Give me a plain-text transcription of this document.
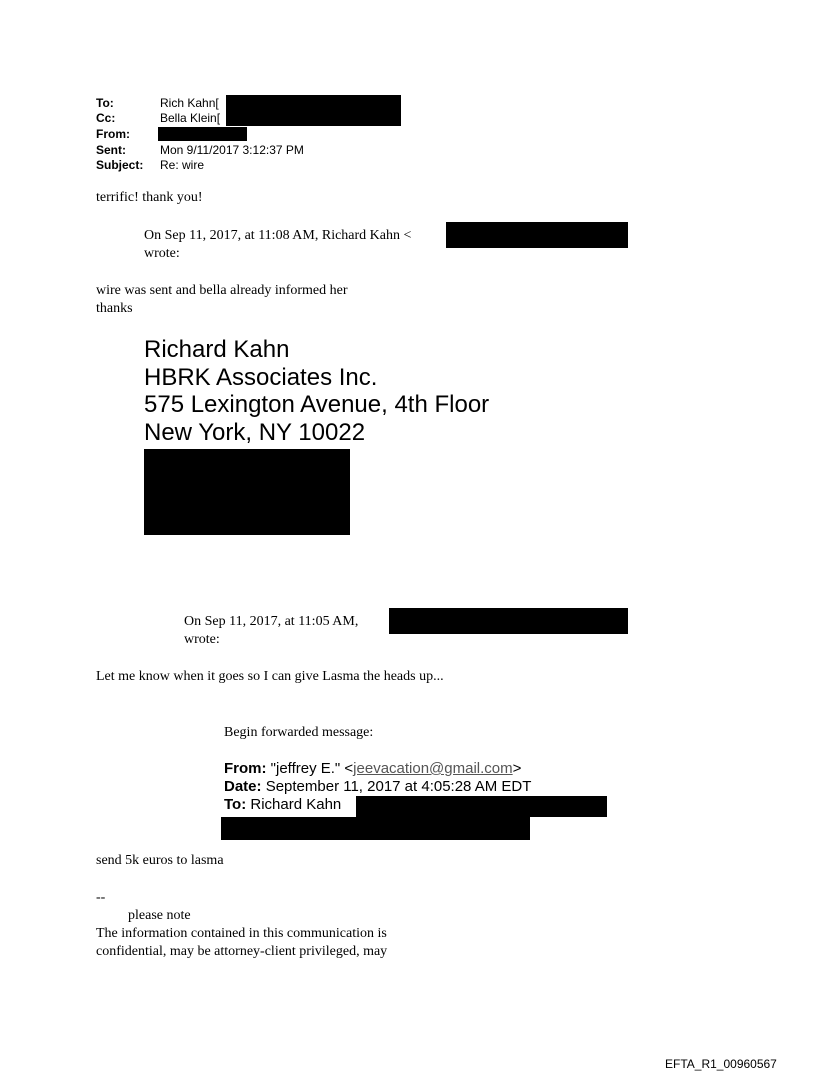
To:	Rich Kahn[
Cc:	Bella Klein[
From:
Sent:	Mon 9/11/2017 3:12:37 PM
Subject: Re: wire
terrific! thank you!
On Sep 11, 2017, at 11:08 AM, Richard Kahn <
wrote:
wire was sent and bella already informed her
thanks
Richard Kahn
HBRK Associates Inc.
575 Lexington Avenue, 4th Floor
New York, NY 10022
On Sep 11, 2017, at 11:05 AM,
wrote:
Let me know when it goes so I can give Lasma the heads up...
Begin forwarded message:
From: "jeffrey E." <jeevacation@gmail.com>
Date: September 11, 2017 at 4:05:28 AM EDT
To: Richard Kahn
send 5k euros to lasma
--
please note
The information contained in this communication is
confidential, may be attorney-client privileged, may
EFTA_R1_00960567
